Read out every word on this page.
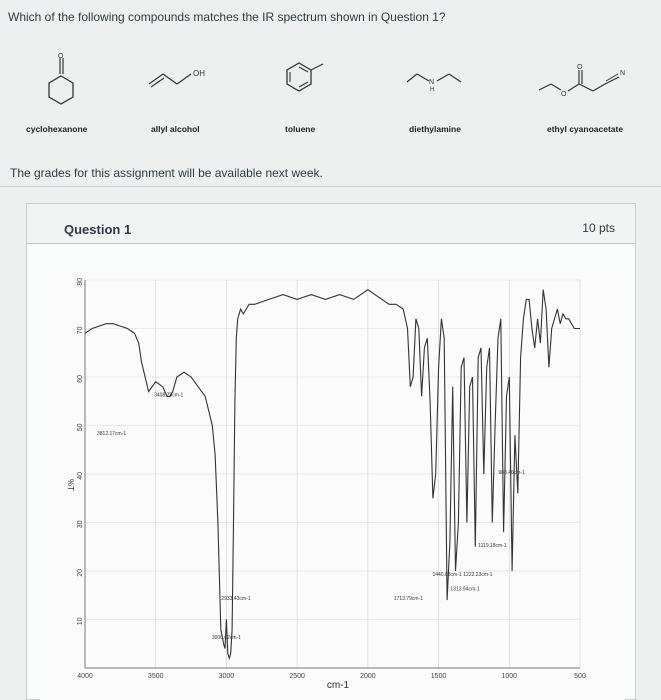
Which of the following compounds matches the IR spectrum shown in Question 1?
O
cyclohexanone
OH
allyl alcohol	toluene
N
H
diethylamine
O
O
N
ethyl cyanoacetate
The grades for this assignment will be available next week.
Question 1	10 pts
4000	3500	3000	2500	2000	1500	1000	500
80
70
60
50
40
30
20
10
cm-1
%T
3812.17cm-1
3408.75cm-1
3000.02cm-1
2933.43cm-1	1713.79cm-1
1440.88cm-1
1313.94cm-1
1222.23cm-1
1119.18cm-1
983.46cm-1
